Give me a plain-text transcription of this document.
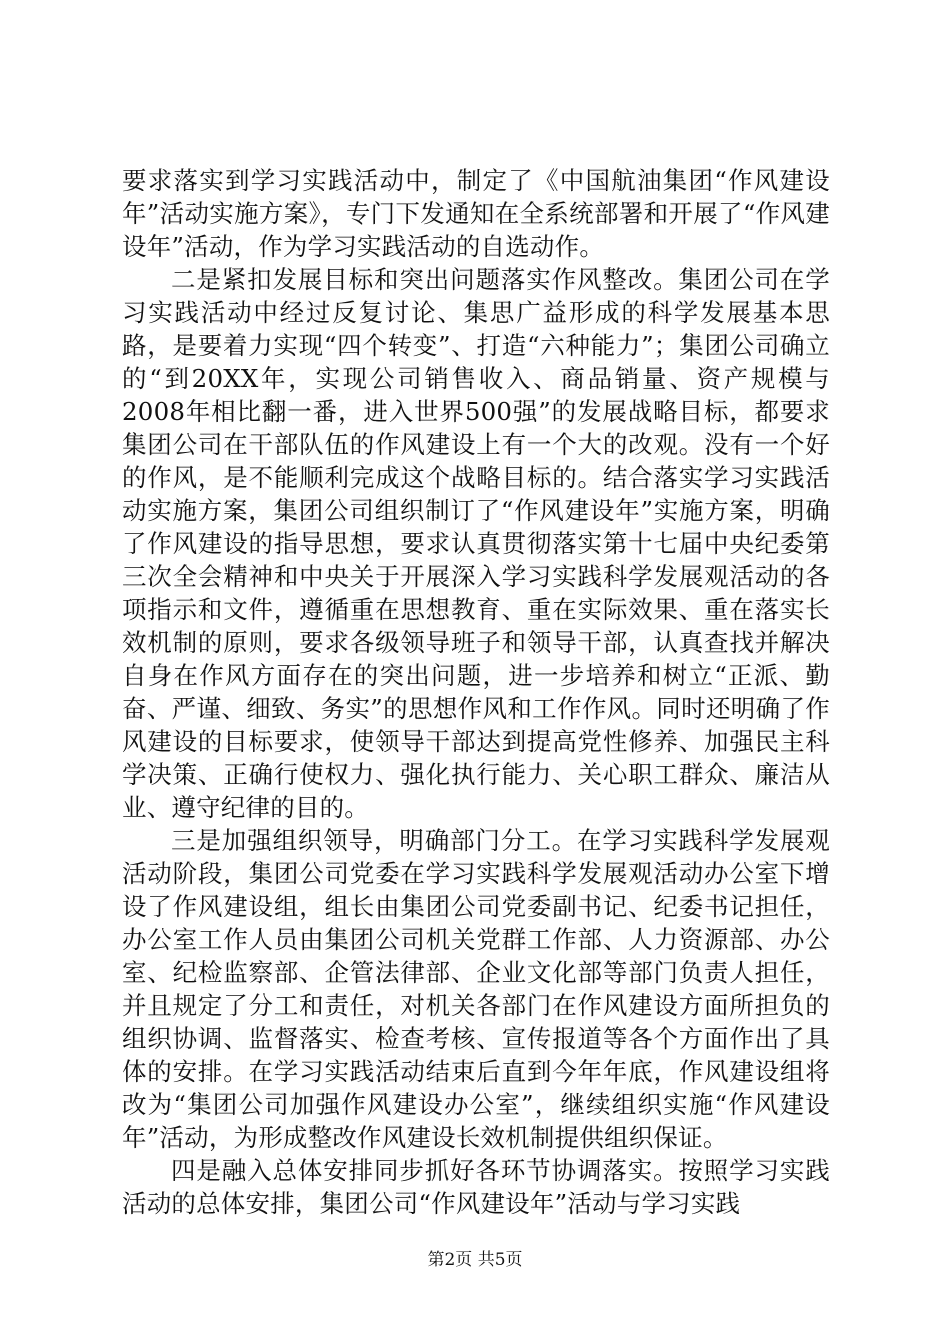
要求落实到学习实践活动中，制定了《中国航油集团“作风建设年”活动实施方案》，专门下发通知在全系统部署和开展了“作风建设年”活动，作为学习实践活动的自选动作。

二是紧扣发展目标和突出问题落实作风整改。集团公司在学习实践活动中经过反复讨论、集思广益形成的科学发展基本思路，是要着力实现“四个转变”、打造“六种能力”；集团公司确立的“到20XX年，实现公司销售收入、商品销量、资产规模与2008年相比翻一番，进入世界500强”的发展战略目标，都要求集团公司在干部队伍的作风建设上有一个大的改观。没有一个好的作风，是不能顺利完成这个战略目标的。结合落实学习实践活动实施方案，集团公司组织制订了“作风建设年”实施方案，明确了作风建设的指导思想，要求认真贯彻落实第十七届中央纪委第三次全会精神和中央关于开展深入学习实践科学发展观活动的各项指示和文件，遵循重在思想教育、重在实际效果、重在落实长效机制的原则，要求各级领导班子和领导干部，认真查找并解决自身在作风方面存在的突出问题，进一步培养和树立“正派、勤奋、严谨、细致、务实”的思想作风和工作作风。同时还明确了作风建设的目标要求，使领导干部达到提高党性修养、加强民主科学决策、正确行使权力、强化执行能力、关心职工群众、廉洁从业、遵守纪律的目的。

三是加强组织领导，明确部门分工。在学习实践科学发展观活动阶段，集团公司党委在学习实践科学发展观活动办公室下增设了作风建设组，组长由集团公司党委副书记、纪委书记担任，办公室工作人员由集团公司机关党群工作部、人力资源部、办公室、纪检监察部、企管法律部、企业文化部等部门负责人担任，并且规定了分工和责任，对机关各部门在作风建设方面所担负的组织协调、监督落实、检查考核、宣传报道等各个方面作出了具体的安排。在学习实践活动结束后直到今年年底，作风建设组将改为“集团公司加强作风建设办公室”，继续组织实施“作风建设年”活动，为形成整改作风建设长效机制提供组织保证。

四是融入总体安排同步抓好各环节协调落实。按照学习实践活动的总体安排，集团公司“作风建设年”活动与学习实践

第2页 共5页
